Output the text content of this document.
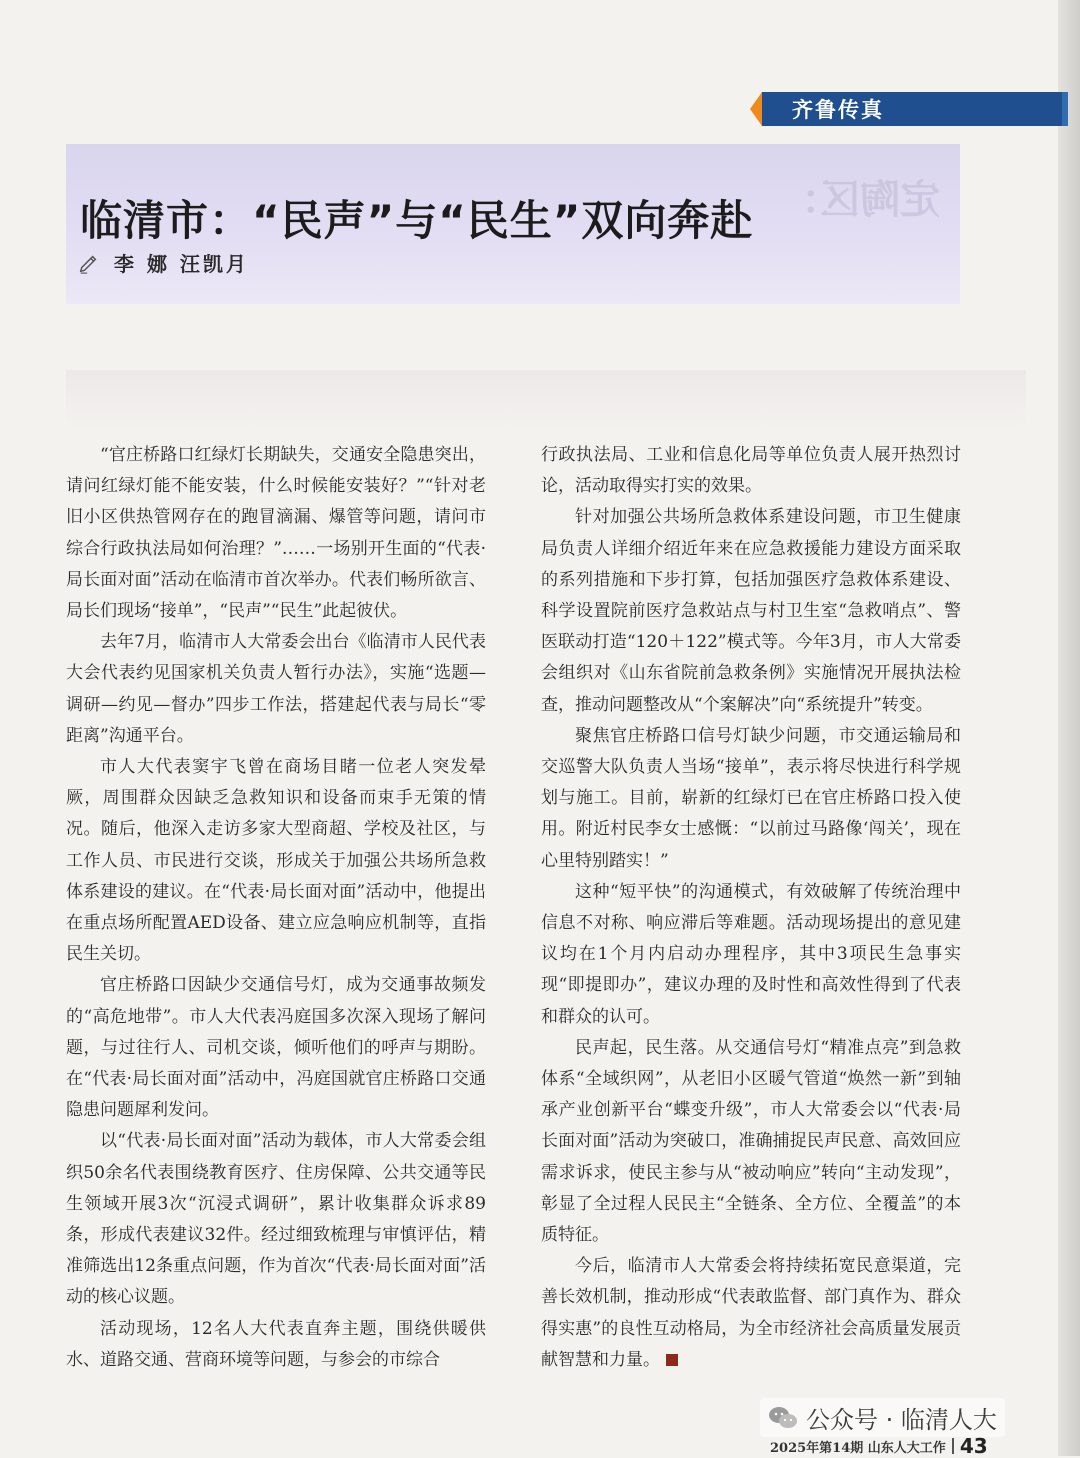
齐鲁传真
定陶区：
临清市：“民声”与“民生”双向奔赴
李 娜 汪凯月

“官庄桥路口红绿灯长期缺失，交通安全隐患突出，请问红绿灯能不能安装，什么时候能安装好？”“针对老旧小区供热管网存在的跑冒滴漏、爆管等问题，请问市综合行政执法局如何治理？”……一场别开生面的“代表·局长面对面”活动在临清市首次举办。代表们畅所欲言、局长们现场“接单”，“民声”“民生”此起彼伏。

去年7月，临清市人大常委会出台《临清市人民代表大会代表约见国家机关负责人暂行办法》，实施“选题—调研—约见—督办”四步工作法，搭建起代表与局长“零距离”沟通平台。

市人大代表窦宇飞曾在商场目睹一位老人突发晕厥，周围群众因缺乏急救知识和设备而束手无策的情况。随后，他深入走访多家大型商超、学校及社区，与工作人员、市民进行交谈，形成关于加强公共场所急救体系建设的建议。在“代表·局长面对面”活动中，他提出在重点场所配置AED设备、建立应急响应机制等，直指民生关切。

官庄桥路口因缺少交通信号灯，成为交通事故频发的“高危地带”。市人大代表冯庭国多次深入现场了解问题，与过往行人、司机交谈，倾听他们的呼声与期盼。在“代表·局长面对面”活动中，冯庭国就官庄桥路口交通隐患问题犀利发问。

以“代表·局长面对面”活动为载体，市人大常委会组织50余名代表围绕教育医疗、住房保障、公共交通等民生领域开展3次“沉浸式调研”，累计收集群众诉求89条，形成代表建议32件。经过细致梳理与审慎评估，精准筛选出12条重点问题，作为首次“代表·局长面对面”活动的核心议题。

活动现场，12名人大代表直奔主题，围绕供暖供水、道路交通、营商环境等问题，与参会的市综合

行政执法局、工业和信息化局等单位负责人展开热烈讨论，活动取得实打实的效果。

针对加强公共场所急救体系建设问题，市卫生健康局负责人详细介绍近年来在应急救援能力建设方面采取的系列措施和下步打算，包括加强医疗急救体系建设、科学设置院前医疗急救站点与村卫生室“急救哨点”、警医联动打造“120＋122”模式等。今年3月，市人大常委会组织对《山东省院前急救条例》实施情况开展执法检查，推动问题整改从“个案解决”向“系统提升”转变。

聚焦官庄桥路口信号灯缺少问题，市交通运输局和交巡警大队负责人当场“接单”，表示将尽快进行科学规划与施工。目前，崭新的红绿灯已在官庄桥路口投入使用。附近村民李女士感慨：“以前过马路像‘闯关’，现在心里特别踏实！”

这种“短平快”的沟通模式，有效破解了传统治理中信息不对称、响应滞后等难题。活动现场提出的意见建议均在1个月内启动办理程序，其中3项民生急事实现“即提即办”，建议办理的及时性和高效性得到了代表和群众的认可。

民声起，民生落。从交通信号灯“精准点亮”到急救体系“全域织网”，从老旧小区暖气管道“焕然一新”到轴承产业创新平台“蝶变升级”，市人大常委会以“代表·局长面对面”活动为突破口，准确捕捉民声民意、高效回应需求诉求，使民主参与从“被动响应”转向“主动发现”，彰显了全过程人民民主“全链条、全方位、全覆盖”的本质特征。

今后，临清市人大常委会将持续拓宽民意渠道，完善长效机制，推动形成“代表敢监督、部门真作为、群众得实惠”的良性互动格局，为全市经济社会高质量发展贡献智慧和力量。

公众号 · 临清人大
2025年第14期 山东人大工作 43
